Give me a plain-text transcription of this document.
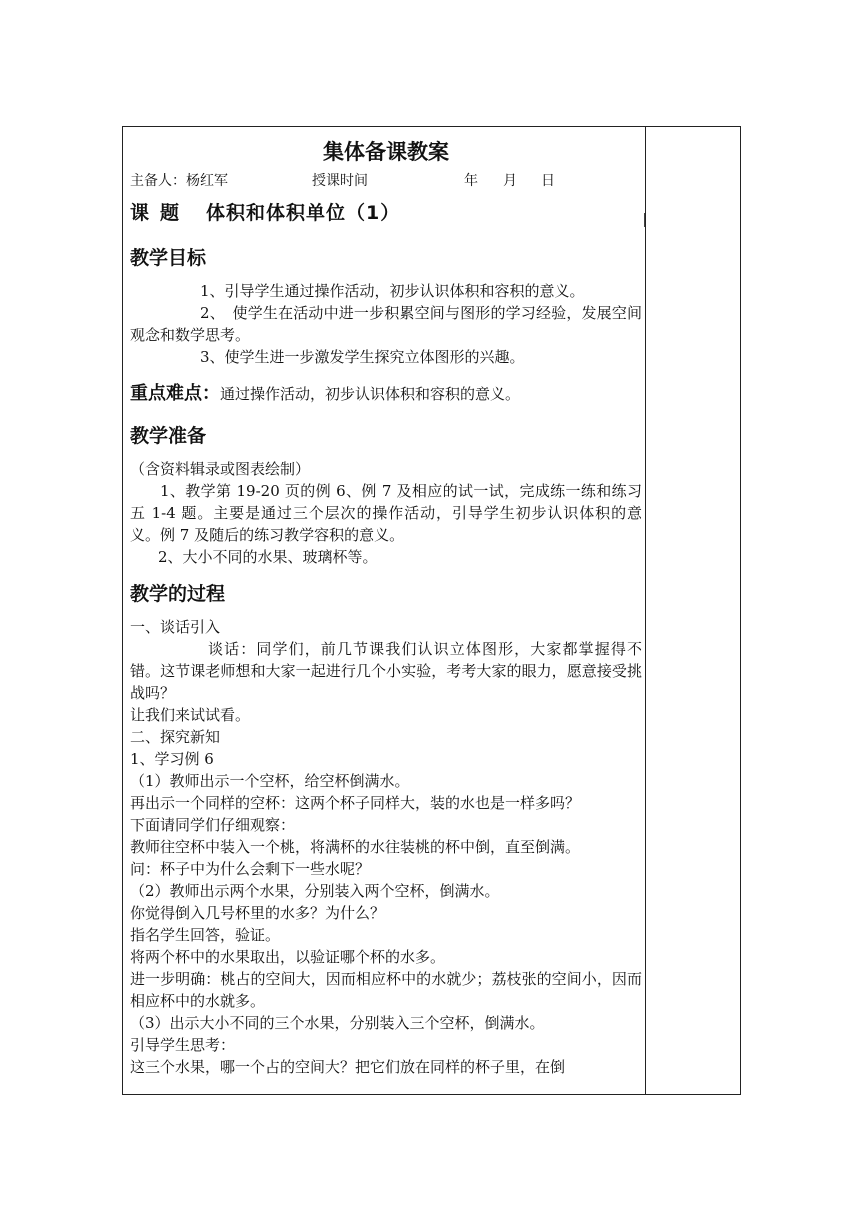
集体备课教案
主备人：杨红军	授课时间	年 月 日
课 题 体积和体积单位（1）
教学目标

1、引导学生通过操作活动，初步认识体积和容积的意义。

2、　使学生在活动中进一步积累空间与图形的学习经验，发展空间观念和数学思考。

3、使学生进一步激发学生探究立体图形的兴趣。

重点难点：通过操作活动，初步认识体积和容积的意义。
教学准备

（含资料辑录或图表绘制）

1、教学第 19-20 页的例 6、例 7 及相应的试一试，完成练一练和练习五 1-4 题。主要是通过三个层次的操作活动，引导学生初步认识体积的意义。例 7 及随后的练习教学容积的意义。

2、大小不同的水果、玻璃杯等。

教学的过程

一、谈话引入

谈话：同学们，前几节课我们认识立体图形，大家都掌握得不错。这节课老师想和大家一起进行几个小实验，考考大家的眼力，愿意接受挑战吗？

让我们来试试看。

二、探究新知

1、学习例 6

（1）教师出示一个空杯，给空杯倒满水。

再出示一个同样的空杯：这两个杯子同样大，装的水也是一样多吗？

下面请同学们仔细观察：

教师往空杯中装入一个桃，将满杯的水往装桃的杯中倒，直至倒满。

问：杯子中为什么会剩下一些水呢？

（2）教师出示两个水果，分别装入两个空杯，倒满水。

你觉得倒入几号杯里的水多？为什么？

指名学生回答，验证。

将两个杯中的水果取出，以验证哪个杯的水多。

进一步明确：桃占的空间大，因而相应杯中的水就少；荔枝张的空间小，因而相应杯中的水就多。

（3）出示大小不同的三个水果，分别装入三个空杯，倒满水。

引导学生思考：

这三个水果，哪一个占的空间大？把它们放在同样的杯子里，在倒
